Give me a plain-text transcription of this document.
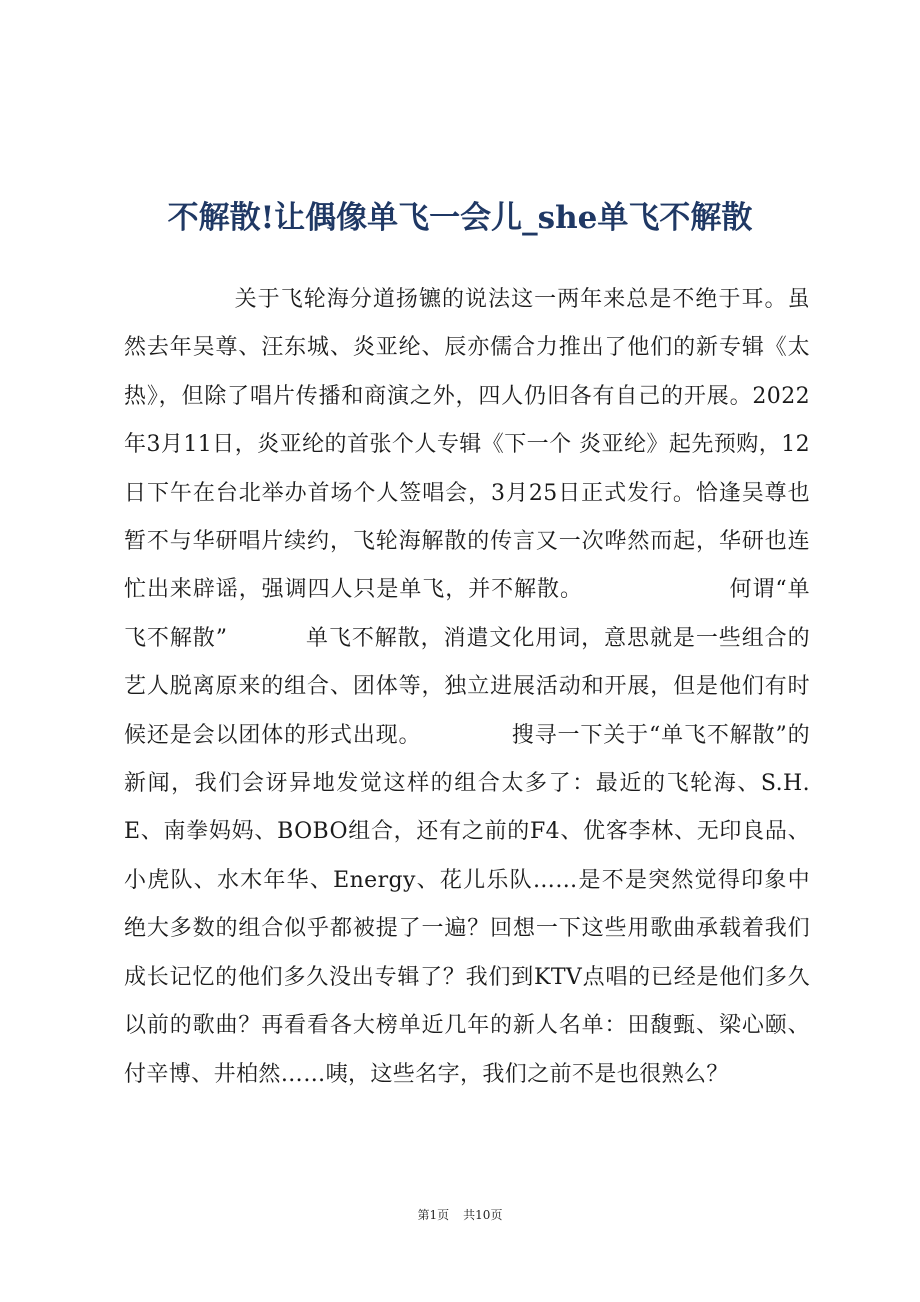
不解散!让偶像单飞一会儿_she单飞不解散

关于飞轮海分道扬镳的说法这一两年来总是不绝于耳。虽然去年吴尊、汪东城、炎亚纶、辰亦儒合力推出了他们的新专辑《太热》，但除了唱片传播和商演之外，四人仍旧各有自己的开展。2022年3月11日，炎亚纶的首张个人专辑《下一个 炎亚纶》起先预购，12日下午在台北举办首场个人签唱会，3月25日正式发行。恰逢吴尊也暂不与华研唱片续约，飞轮海解散的传言又一次哗然而起，华研也连忙出来辟谣，强调四人只是单飞，并不解散。	何谓“单飞不解散”	单飞不解散，消遣文化用词，意思就是一些组合的艺人脱离原来的组合、团体等，独立进展活动和开展，但是他们有时候还是会以团体的形式出现。	搜寻一下关于“单飞不解散”的新闻，我们会讶异地发觉这样的组合太多了：最近的飞轮海、S.H.E、南拳妈妈、BOBO组合，还有之前的F4、优客李林、无印良品、小虎队、水木年华、Energy、花儿乐队……是不是突然觉得印象中绝大多数的组合似乎都被提了一遍？回想一下这些用歌曲承载着我们成长记忆的他们多久没出专辑了？我们到KTV点唱的已经是他们多久以前的歌曲？再看看各大榜单近几年的新人名单：田馥甄、梁心颐、付辛博、井柏然……咦，这些名字，我们之前不是也很熟么？

第1页 共10页
